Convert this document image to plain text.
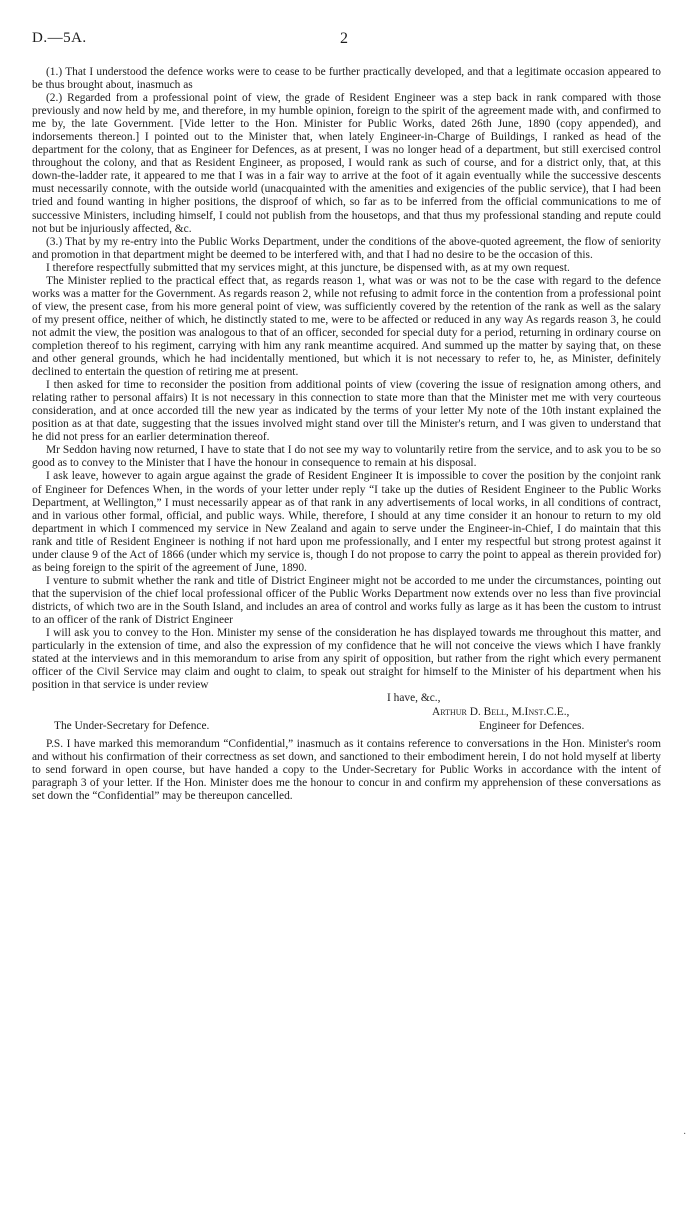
D.—5A.	2

(1.) That I understood the defence works were to cease to be further practically developed, and that a legitimate occasion appeared to be thus brought about, inasmuch as

(2.) Regarded from a professional point of view, the grade of Resident Engineer was a step back in rank compared with those previously and now held by me, and therefore, in my humble opinion, foreign to the spirit of the agreement made with, and confirmed to me by, the late Government. [Vide letter to the Hon. Minister for Public Works, dated 26th June, 1890 (copy appended), and indorsements thereon.] I pointed out to the Minister that, when lately Engineer-in-Charge of Buildings, I ranked as head of the department for the colony, that as Engineer for Defences, as at present, I was no longer head of a department, but still exercised control throughout the colony, and that as Resident Engineer, as proposed, I would rank as such of course, and for a district only, that, at this down-the-ladder rate, it appeared to me that I was in a fair way to arrive at the foot of it again eventually while the successive descents must necessarily connote, with the outside world (unacquainted with the amenities and exigencies of the public service), that I had been tried and found wanting in higher positions, the disproof of which, so far as to be inferred from the official communications to me of successive Ministers, including himself, I could not publish from the housetops, and that thus my professional standing and repute could not but be injuriously affected, &c.

(3.) That by my re-entry into the Public Works Department, under the conditions of the above-quoted agreement, the flow of seniority and promotion in that department might be deemed to be interfered with, and that I had no desire to be the occasion of this.

I therefore respectfully submitted that my services might, at this juncture, be dispensed with, as at my own request.

The Minister replied to the practical effect that, as regards reason 1, what was or was not to be the case with regard to the defence works was a matter for the Government. As regards reason 2, while not refusing to admit force in the contention from a professional point of view, the present case, from his more general point of view, was sufficiently covered by the retention of the rank as well as the salary of my present office, neither of which, he distinctly stated to me, were to be affected or reduced in any way As regards reason 3, he could not admit the view, the position was analogous to that of an officer, seconded for special duty for a period, returning in ordinary course on completion thereof to his regiment, carrying with him any rank meantime acquired. And summed up the matter by saying that, on these and other general grounds, which he had incidentally mentioned, but which it is not necessary to refer to, he, as Minister, definitely declined to entertain the question of retiring me at present.

I then asked for time to reconsider the position from additional points of view (covering the issue of resignation among others, and relating rather to personal affairs) It is not necessary in this connection to state more than that the Minister met me with very courteous consideration, and at once accorded till the new year as indicated by the terms of your letter My note of the 10th instant explained the position as at that date, suggesting that the issues involved might stand over till the Minister's return, and I was given to understand that he did not press for an earlier determination thereof.

Mr Seddon having now returned, I have to state that I do not see my way to voluntarily retire from the service, and to ask you to be so good as to convey to the Minister that I have the honour in consequence to remain at his disposal.

I ask leave, however to again argue against the grade of Resident Engineer It is impossible to cover the position by the conjoint rank of Engineer for Defences When, in the words of your letter under reply “I take up the duties of Resident Engineer to the Public Works Department, at Wellington,” I must necessarily appear as of that rank in any advertisements of local works, in all conditions of contract, and in various other formal, official, and public ways. While, therefore, I should at any time consider it an honour to return to my old department in which I commenced my service in New Zealand and again to serve under the Engineer-in-Chief, I do maintain that this rank and title of Resident Engineer is nothing if not hard upon me professionally, and I enter my respectful but strong protest against it under clause 9 of the Act of 1866 (under which my service is, though I do not propose to carry the point to appeal as therein provided for) as being foreign to the spirit of the agreement of June, 1890.

I venture to submit whether the rank and title of District Engineer might not be accorded to me under the circumstances, pointing out that the supervision of the chief local professional officer of the Public Works Department now extends over no less than five provincial districts, of which two are in the South Island, and includes an area of control and works fully as large as it has been the custom to intrust to an officer of the rank of District Engineer

I will ask you to convey to the Hon. Minister my sense of the consideration he has displayed towards me throughout this matter, and particularly in the extension of time, and also the expression of my confidence that he will not conceive the views which I have frankly stated at the interviews and in this memorandum to arise from any spirit of opposition, but rather from the right which every permanent officer of the Civil Service may claim and ought to claim, to speak out straight for himself to the Minister of his department when his position in that service is under review

I have, &c.,
Arthur D. Bell, M.Inst.C.E.,
The Under-Secretary for Defence.	Engineer for Defences.

P.S. I have marked this memorandum “Confidential,” inasmuch as it contains reference to conversations in the Hon. Minister's room and without his confirmation of their correctness as set down, and sanctioned to their embodiment herein, I do not hold myself at liberty to send forward in open course, but have handed a copy to the Under-Secretary for Public Works in accordance with the intent of paragraph 3 of your letter. If the Hon. Minister does me the honour to concur in and confirm my apprehension of these conversations as set down the “Confidential” may be thereupon cancelled.

·
